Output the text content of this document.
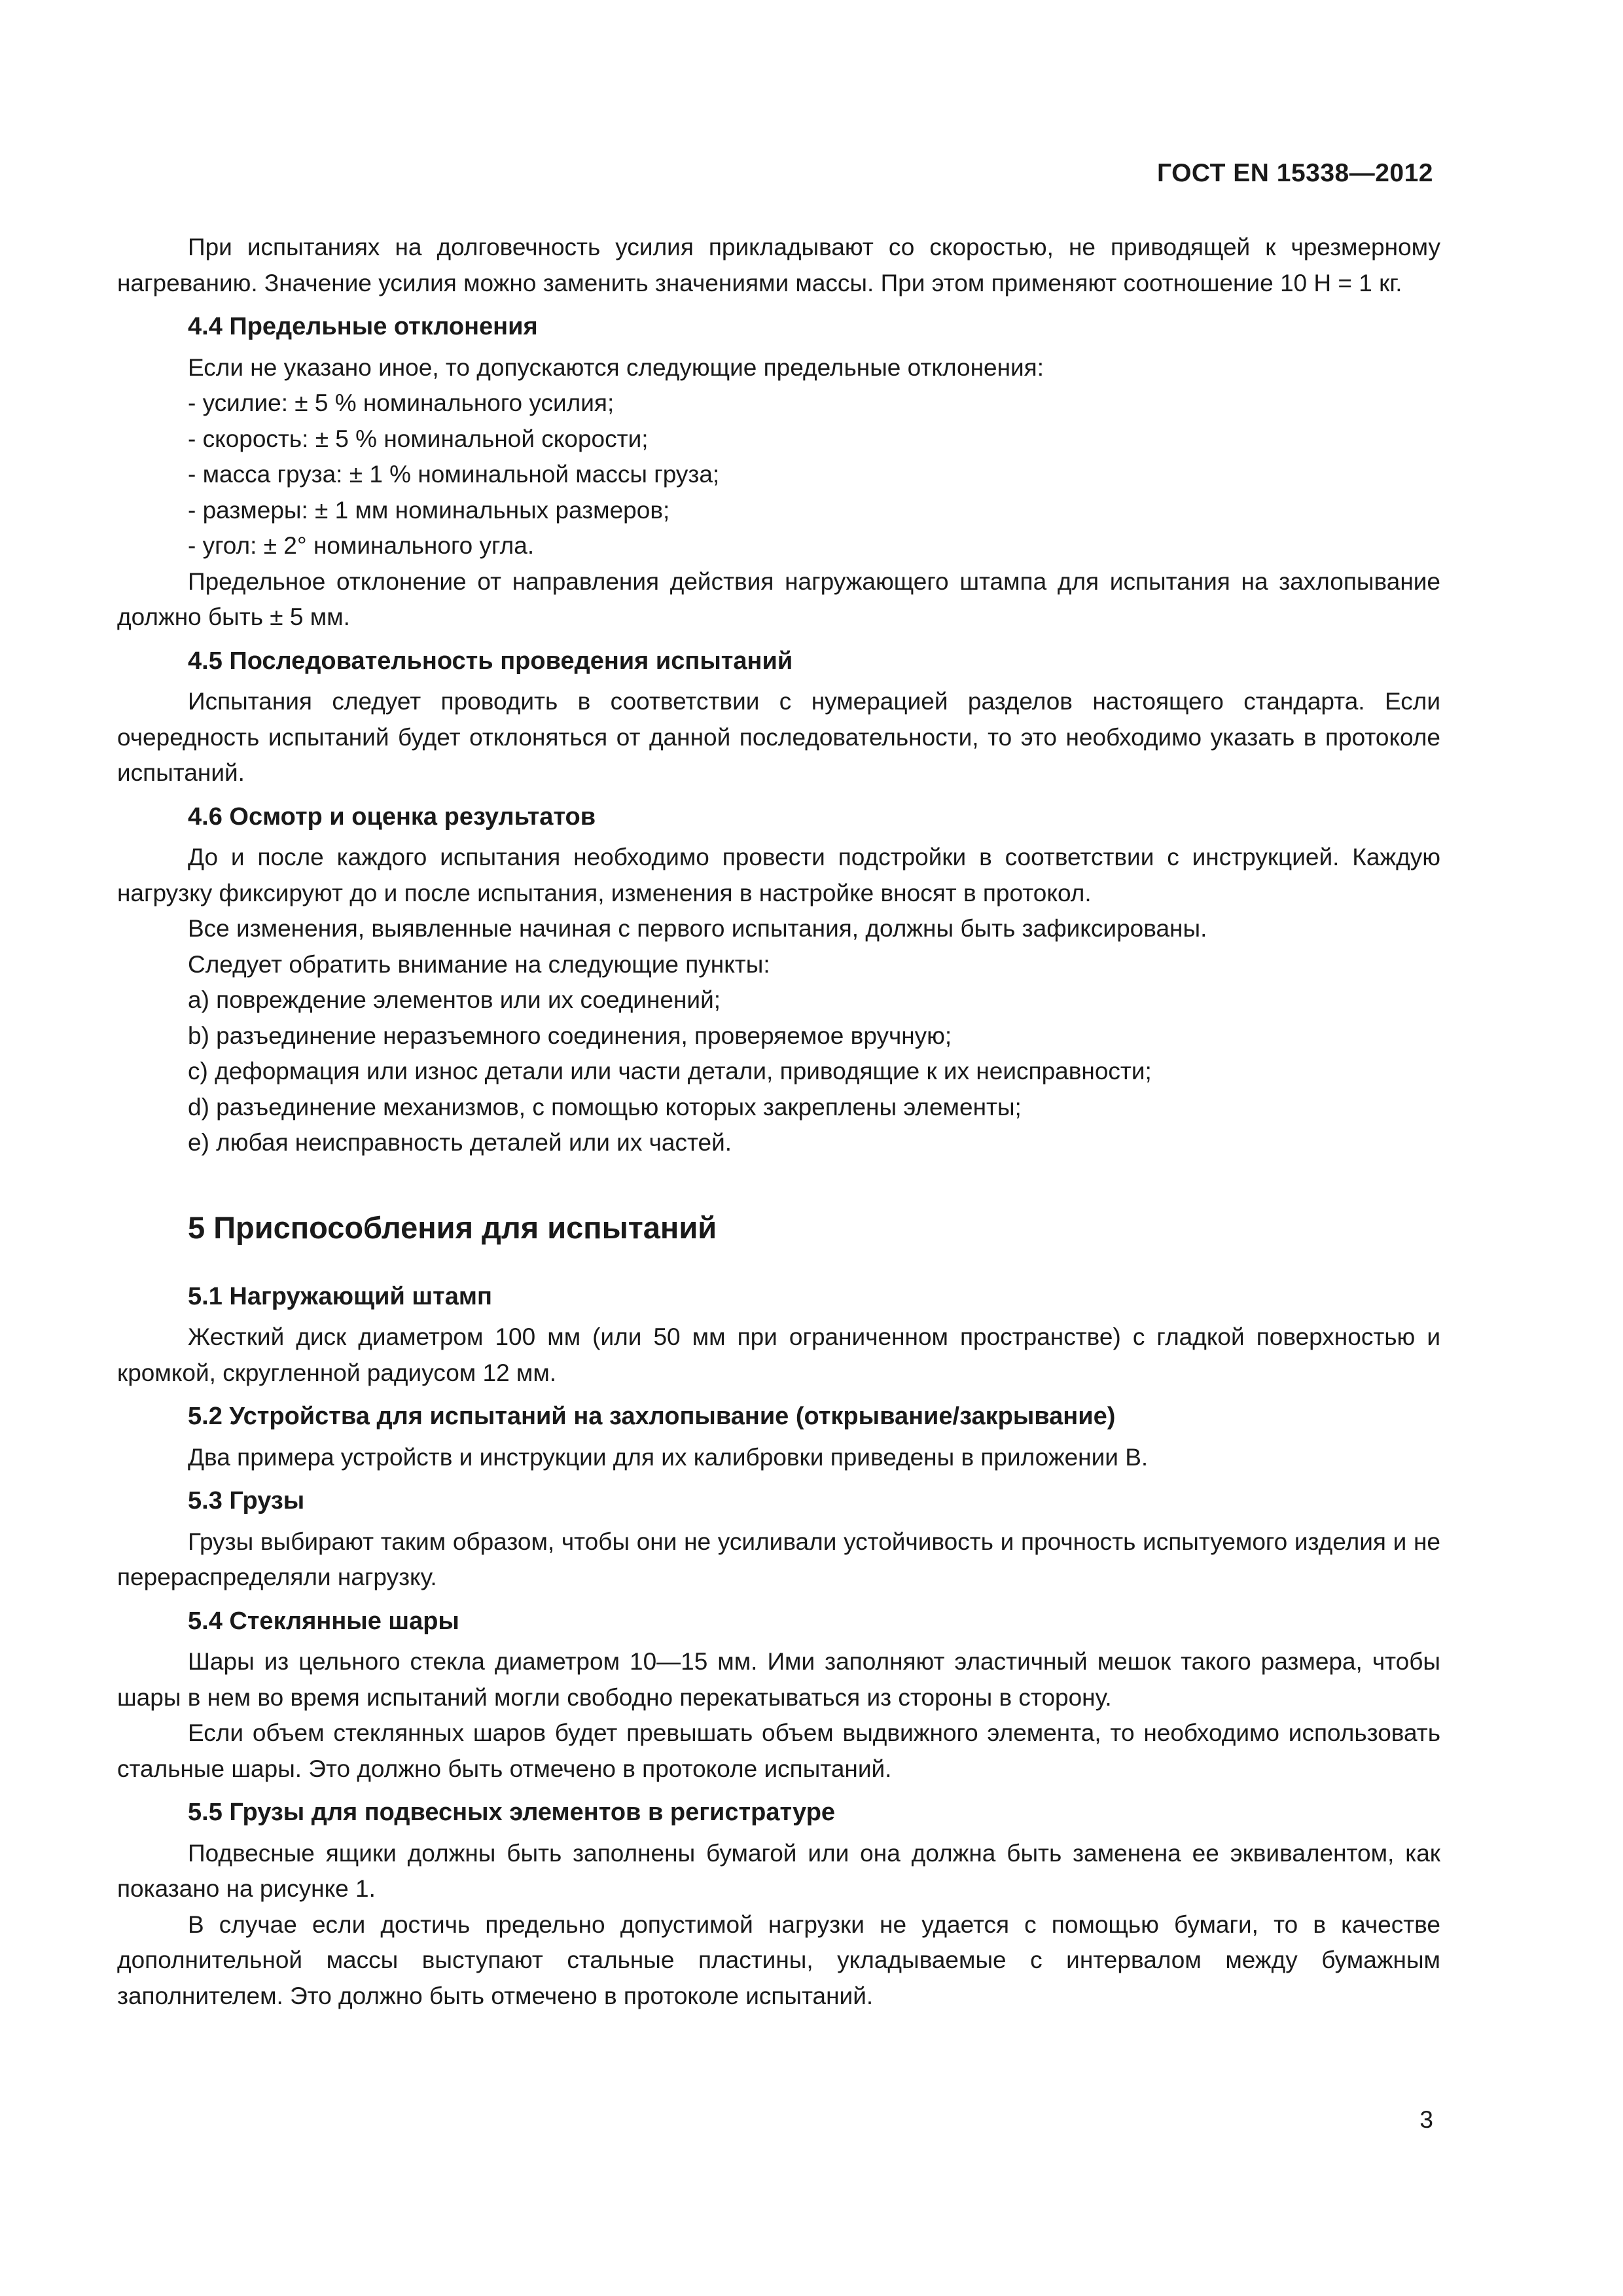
ГОСТ EN 15338—2012

При испытаниях на долговечность усилия прикладывают со скоростью, не приводящей к чрезмерному нагреванию. Значение усилия можно заменить значениями массы. При этом применяют соотношение 10 Н = 1 кг.

4.4 Предельные отклонения

Если не указано иное, то допускаются следующие предельные отклонения:

- усилие: ± 5 % номинального усилия;

- скорость: ± 5 % номинальной скорости;

- масса груза: ± 1 % номинальной массы груза;

- размеры: ± 1 мм номинальных размеров;

- угол: ± 2° номинального угла.

Предельное отклонение от направления действия нагружающего штампа для испытания на захлопывание должно быть ± 5 мм.

4.5 Последовательность проведения испытаний

Испытания следует проводить в соответствии с нумерацией разделов настоящего стандарта. Если очередность испытаний будет отклоняться от данной последовательности, то это необходимо указать в протоколе испытаний.

4.6 Осмотр и оценка результатов

До и после каждого испытания необходимо провести подстройки в соответствии с инструкцией. Каждую нагрузку фиксируют до и после испытания, изменения в настройке вносят в протокол.

Все изменения, выявленные начиная с первого испытания, должны быть зафиксированы.

Следует обратить внимание на следующие пункты:

a) повреждение элементов или их соединений;

b) разъединение неразъемного соединения, проверяемое вручную;

c) деформация или износ детали или части детали, приводящие к их неисправности;

d) разъединение механизмов, с помощью которых закреплены элементы;

e) любая неисправность деталей или их частей.

5 Приспособления для испытаний

5.1 Нагружающий штамп

Жесткий диск диаметром 100 мм (или 50 мм при ограниченном пространстве) с гладкой поверхностью и кромкой, скругленной радиусом 12 мм.

5.2 Устройства для испытаний на захлопывание (открывание/закрывание)

Два примера устройств и инструкции для их калибровки приведены в приложении В.

5.3 Грузы

Грузы выбирают таким образом, чтобы они не усиливали устойчивость и прочность испытуемого изделия и не перераспределяли нагрузку.

5.4 Стеклянные шары

Шары из цельного стекла диаметром 10—15 мм. Ими заполняют эластичный мешок такого размера, чтобы шары в нем во время испытаний могли свободно перекатываться из стороны в сторону.

Если объем стеклянных шаров будет превышать объем выдвижного элемента, то необходимо использовать стальные шары. Это должно быть отмечено в протоколе испытаний.

5.5 Грузы для подвесных элементов в регистратуре

Подвесные ящики должны быть заполнены бумагой или она должна быть заменена ее эквивалентом, как показано на рисунке 1.

В случае если достичь предельно допустимой нагрузки не удается с помощью бумаги, то в качестве дополнительной массы выступают стальные пластины, укладываемые с интервалом между бумажным заполнителем. Это должно быть отмечено в протоколе испытаний.

3
